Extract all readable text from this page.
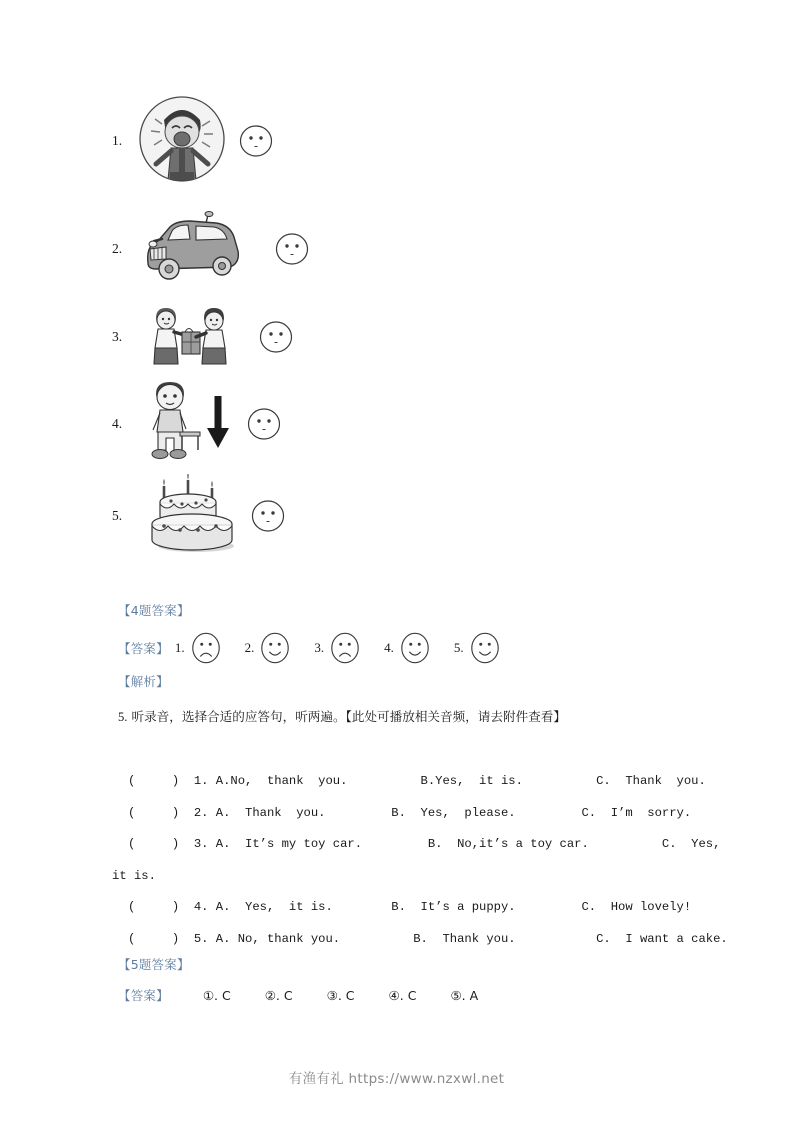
1.
2.
3.
4.
5.
【4题答案】
【答案】 1.	2.	3.	4.	5.
【解析】
5. 听录音，选择合适的应答句，听两遍。【此处可播放相关音频，请去附件查看】
(     )  1. A.No,  thank  you.          B.Yes,  it is.          C.  Thank  you.
(     )  2. A.  Thank  you.         B.  Yes,  please.         C.  I’m  sorry.
(     )  3. A.  It’s my toy car.         B.  No,it’s a toy car.          C.  Yes,
it is.
(     )  4. A.  Yes,  it is.        B.  It’s a puppy.         C.  How lovely!
(     )  5. A. No, thank you.          B.  Thank you.           C.  I want a cake.
【5题答案】
【答案】	①. C	②. C	③. C	④. C	⑤. A
有渔有礼 https://www.nzxwl.net
